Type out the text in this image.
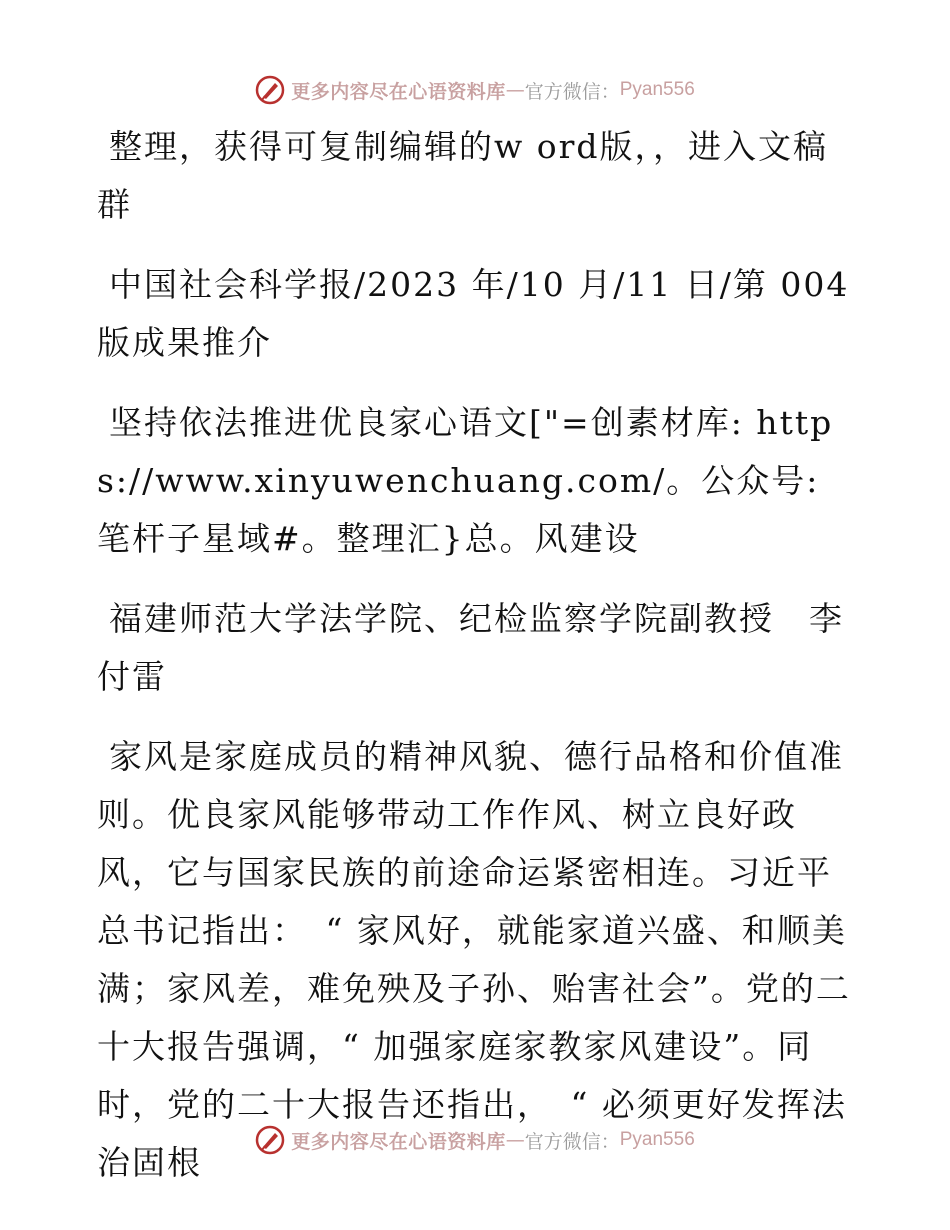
更多内容尽在心语资料库 — 官方微信： Pyan556

整理，获得可复制编辑的w ord版，，进入文稿群

中国社会科学报/2023 年/10 月/11 日/第 004 版成果推介

坚持依法推进优良家心语文["=创素材库: https://www.xinyuwenchuang.com/。公众号: 笔杆子星域#。整理汇}总。风建设

福建师范大学法学院、纪检监察学院副教授　李付雷

家风是家庭成员的精神风貌、德行品格和价值准则。优良家风能够带动工作作风、树立良好政风，它与国家民族的前途命运紧密相连。习近平总书记指出：　“ 家风好，就能家道兴盛、和顺美满；家风差，难免殃及子孙、贻害社会”。党的二十大报告强调，“ 加强家庭家教家风建设”。同时，党的二十大报告还指出，　“ 必须更好发挥法治固根

更多内容尽在心语资料库 — 官方微信： Pyan556
